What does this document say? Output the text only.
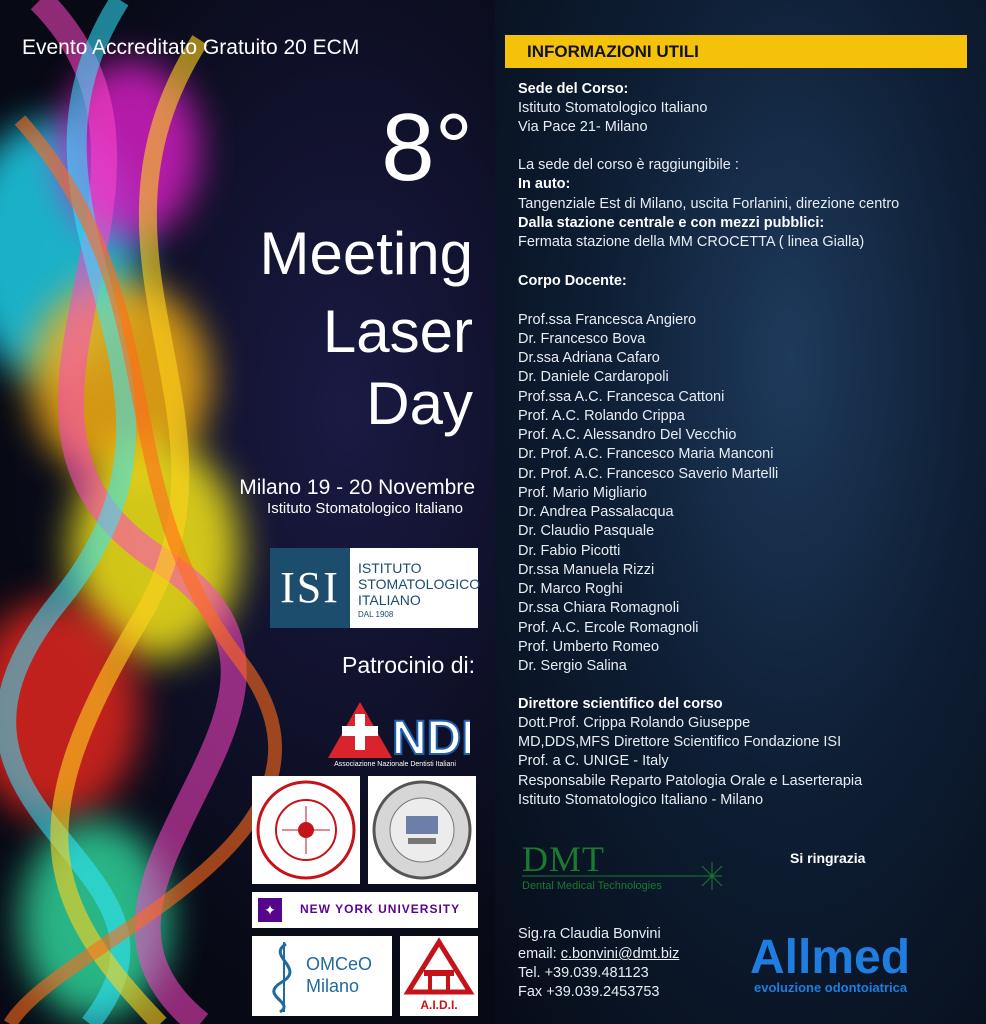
Evento Accreditato Gratuito 20 ECM
8°
Meeting
Laser
Day
Milano 19 - 20 Novembre
Istituto Stomatologico Italiano
ISI	ISTITUTO
STOMATOLOGICO
ITALIANO
DAL 1908
Patrocinio di:
NDI
Associazione Nazionale Dentisti Italiani
✦	NEW YORK UNIVERSITY
OMCeO
Milano
A.I.D.I.
INFORMAZIONI UTILI
Sede del Corso:
Istituto Stomatologico Italiano
Via Pace 21- Milano
La sede del corso è raggiungibile :
In auto:
Tangenziale Est di Milano, uscita Forlanini, direzione centro
Dalla stazione centrale e con mezzi pubblici:
Fermata stazione della MM CROCETTA ( linea Gialla)
Corpo Docente:
Prof.ssa Francesca Angiero
Dr. Francesco Bova
Dr.ssa Adriana Cafaro
Dr. Daniele Cardaropoli
Prof.ssa A.C. Francesca Cattoni
Prof. A.C. Rolando Crippa
Prof. A.C. Alessandro Del Vecchio
Dr. Prof. A.C. Francesco Maria Manconi
Dr. Prof. A.C. Francesco Saverio Martelli
Prof. Mario Migliario
Dr. Andrea Passalacqua
Dr. Claudio Pasquale
Dr. Fabio Picotti
Dr.ssa Manuela Rizzi
Dr. Marco Roghi
Dr.ssa Chiara Romagnoli
Prof. A.C. Ercole Romagnoli
Prof. Umberto Romeo
Dr. Sergio Salina
Direttore scientifico del corso
Dott.Prof. Crippa Rolando Giuseppe
MD,DDS,MFS Direttore Scientifico Fondazione ISI
Prof. a C. UNIGE - Italy
Responsabile Reparto Patologia Orale e Laserterapia
Istituto Stomatologico Italiano - Milano
DMT
Dental Medical Technologies
Si ringrazia
Sig.ra Claudia Bonvini
email: c.bonvini@dmt.biz
Tel. +39.039.481123
Fax +39.039.2453753
Allmed
evoluzione odontoiatrica
